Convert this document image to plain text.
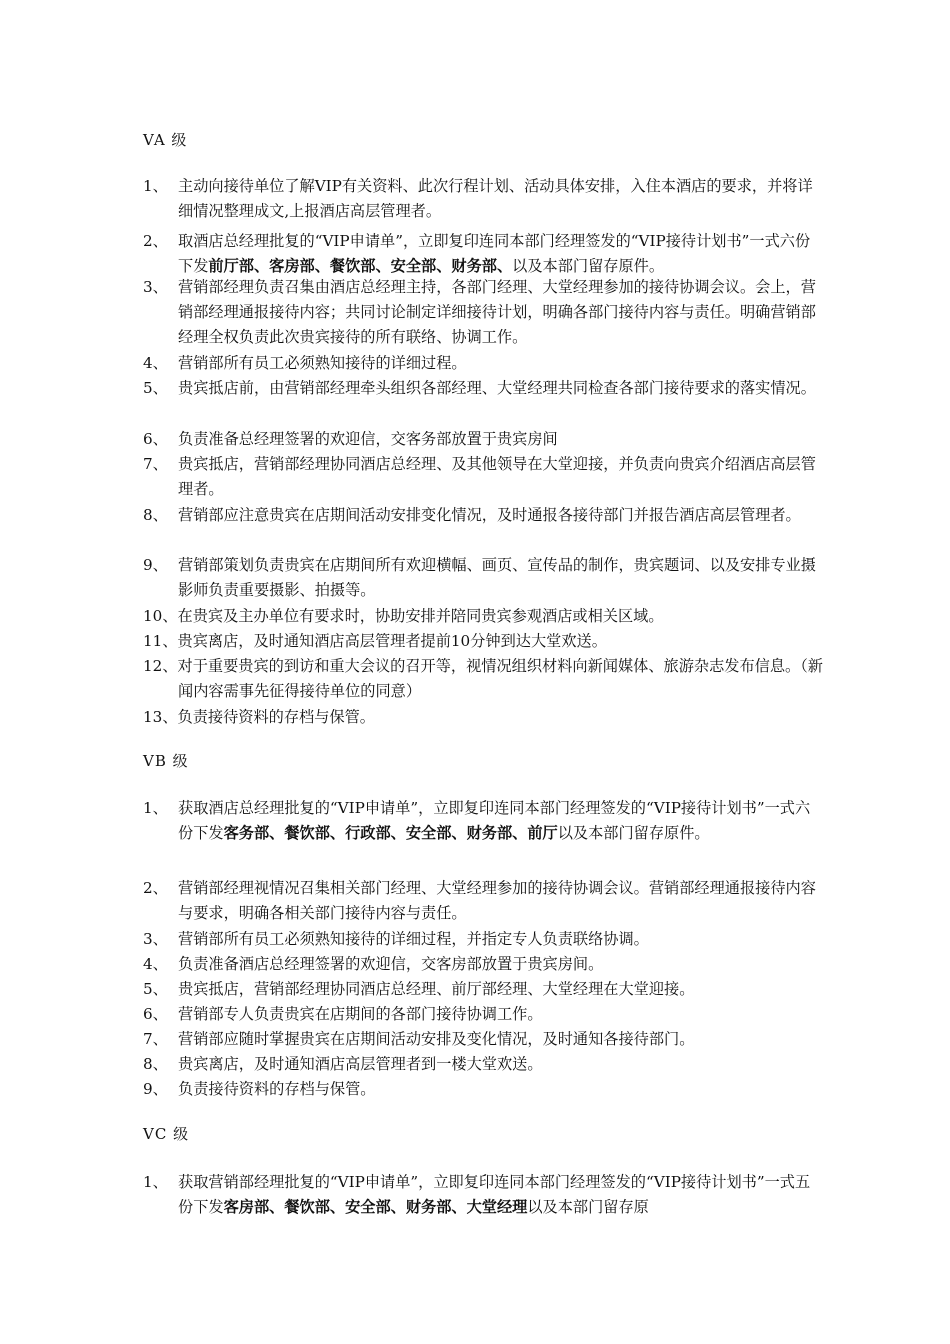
VA 级
1、 主动向接待单位了解VIP有关资料、此次行程计划、活动具体安排，入住本酒店的要求，并将详细情况整理成文,上报酒店高层管理者。
2、 取酒店总经理批复的“VIP申请单”，立即复印连同本部门经理签发的“VIP接待计划书”一式六份下发前厅部、客房部、餐饮部、安全部、财务部、以及本部门留存原件。
3、 营销部经理负责召集由酒店总经理主持，各部门经理、大堂经理参加的接待协调会议。会上，营销部经理通报接待内容；共同讨论制定详细接待计划，明确各部门接待内容与责任。明确营销部经理全权负责此次贵宾接待的所有联络、协调工作。
4、 营销部所有员工必须熟知接待的详细过程。
5、 贵宾抵店前，由营销部经理牵头组织各部经理、大堂经理共同检查各部门接待要求的落实情况。
6、 负责准备总经理签署的欢迎信，交客务部放置于贵宾房间
7、 贵宾抵店，营销部经理协同酒店总经理、及其他领导在大堂迎接，并负责向贵宾介绍酒店高层管理者。
8、 营销部应注意贵宾在店期间活动安排变化情况，及时通报各接待部门并报告酒店高层管理者。
9、 营销部策划负责贵宾在店期间所有欢迎横幅、画页、宣传品的制作，贵宾题词、以及安排专业摄影师负责重要摄影、拍摄等。
10、在贵宾及主办单位有要求时，协助安排并陪同贵宾参观酒店或相关区域。
11、贵宾离店，及时通知酒店高层管理者提前10分钟到达大堂欢送。
12、对于重要贵宾的到访和重大会议的召开等，视情况组织材料向新闻媒体、旅游杂志发布信息。（新闻内容需事先征得接待单位的同意）
13、负责接待资料的存档与保管。
VB 级
1、 获取酒店总经理批复的“VIP申请单”，立即复印连同本部门经理签发的“VIP接待计划书”一式六份下发客务部、餐饮部、行政部、安全部、财务部、前厅以及本部门留存原件。
2、 营销部经理视情况召集相关部门经理、大堂经理参加的接待协调会议。营销部经理通报接待内容与要求，明确各相关部门接待内容与责任。
3、 营销部所有员工必须熟知接待的详细过程，并指定专人负责联络协调。
4、 负责准备酒店总经理签署的欢迎信，交客房部放置于贵宾房间。
5、 贵宾抵店，营销部经理协同酒店总经理、前厅部经理、大堂经理在大堂迎接。
6、 营销部专人负责贵宾在店期间的各部门接待协调工作。
7、 营销部应随时掌握贵宾在店期间活动安排及变化情况，及时通知各接待部门。
8、 贵宾离店，及时通知酒店高层管理者到一楼大堂欢送。
9、 负责接待资料的存档与保管。
VC 级
1、 获取营销部经理批复的“VIP申请单”，立即复印连同本部门经理签发的“VIP接待计划书”一式五份下发客房部、餐饮部、安全部、财务部、大堂经理以及本部门留存原
